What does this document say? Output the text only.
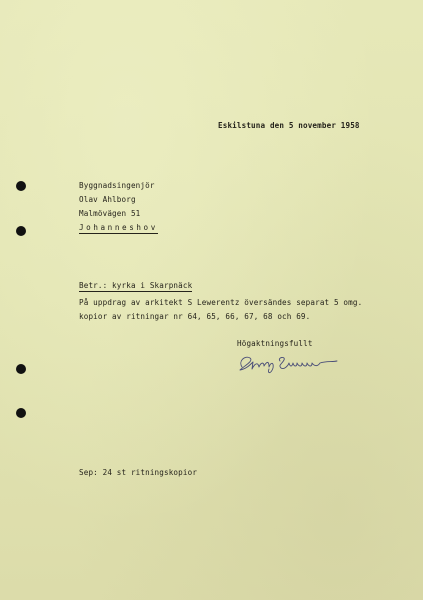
Eskilstuna den 5 november 1958
Byggnadsingenjör
Olav Ahlborg
Malmövägen 51
Johanneshov
Betr.: kyrka i Skarpnäck
På uppdrag av arkitekt S Lewerentz översändes separat 5 omg.
kopior av ritningar nr 64, 65, 66, 67, 68 och 69.
Högaktningsfullt
Sep: 24 st ritningskopior
